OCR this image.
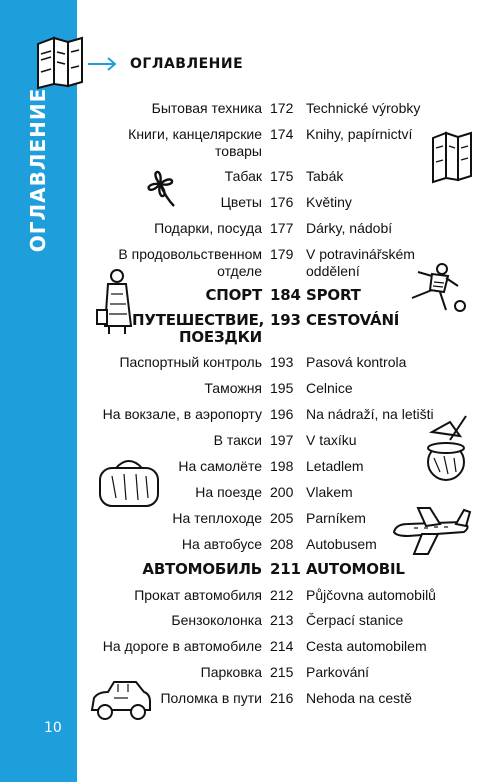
ОГЛАВЛЕНИЕ
10
ОГЛАВЛЕНИЕ
Бытовая техника 172 Technické výrobky
Книги, канцелярские товары
174 Knihy, papírnictví
Табак 175 Tabák
Цветы 176 Květiny
Подарки, посуда 177 Dárky, nádobí
В продовольственном отделе
179 V potravinářském oddělení
СПОРТ 184 SPORT
ПУТЕШЕСТВИЕ, ПОЕЗДКИ
193 CESTOVÁNÍ
Паспортный контроль 193 Pasová kontrola
Таможня 195 Celnice
На вокзале, в аэропорту 196 Na nádraží, na letišti
В такси 197 V taxíku
На самолёте 198 Letadlem
На поезде 200 Vlakem
На теплоходе 205 Parníkem
На автобусе 208 Autobusem
АВТОМОБИЛЬ 211 AUTOMOBIL
Прокат автомобиля 212 Půjčovna automobilů
Бензоколонка 213 Čerpací stanice
На дороге в автомобиле 214 Cesta automobilem
Парковка 215 Parkování
Поломка в пути 216 Nehoda na cestě
